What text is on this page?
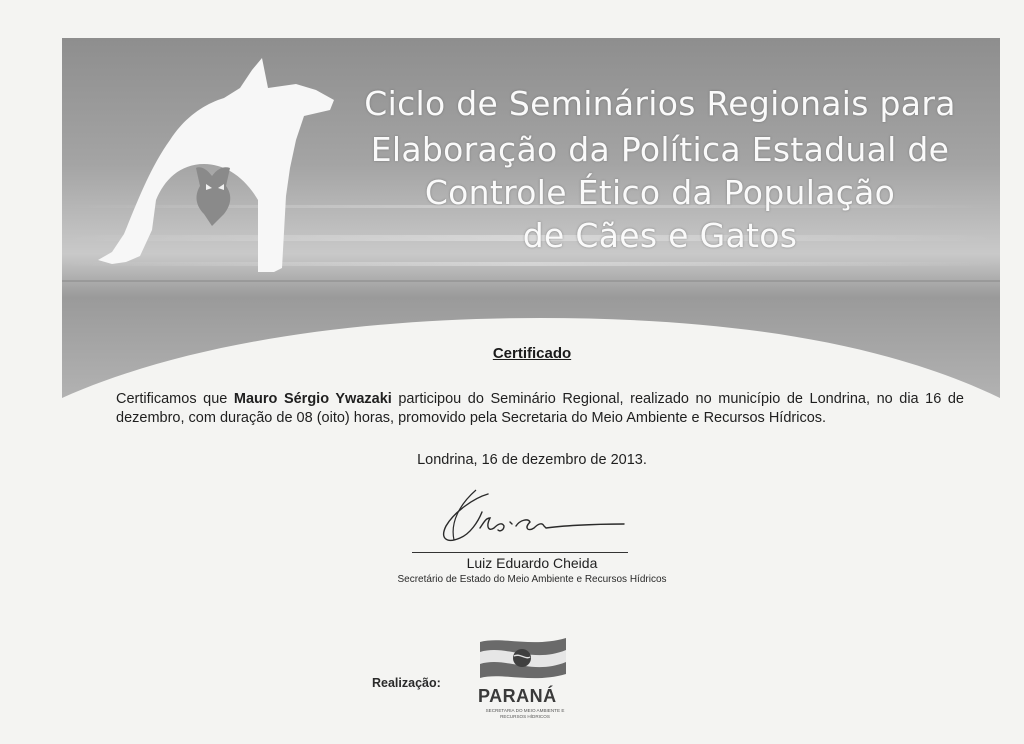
Ciclo de Seminários Regionais para
Elaboração da Política Estadual de
Controle Ético da População
de Cães e Gatos
Certificado
Certificamos que Mauro Sérgio Ywazaki participou do Seminário Regional, realizado no município de Londrina, no dia 16 de dezembro, com duração de 08 (oito) horas, promovido pela Secretaria do Meio Ambiente e Recursos Hídricos.
Londrina, 16 de dezembro de 2013.
Luiz Eduardo Cheida
Secretário de Estado do Meio Ambiente e Recursos Hídricos
Realização:
PARANÁ
SECRETARIA DO MEIO AMBIENTE E RECURSOS HÍDRICOS
